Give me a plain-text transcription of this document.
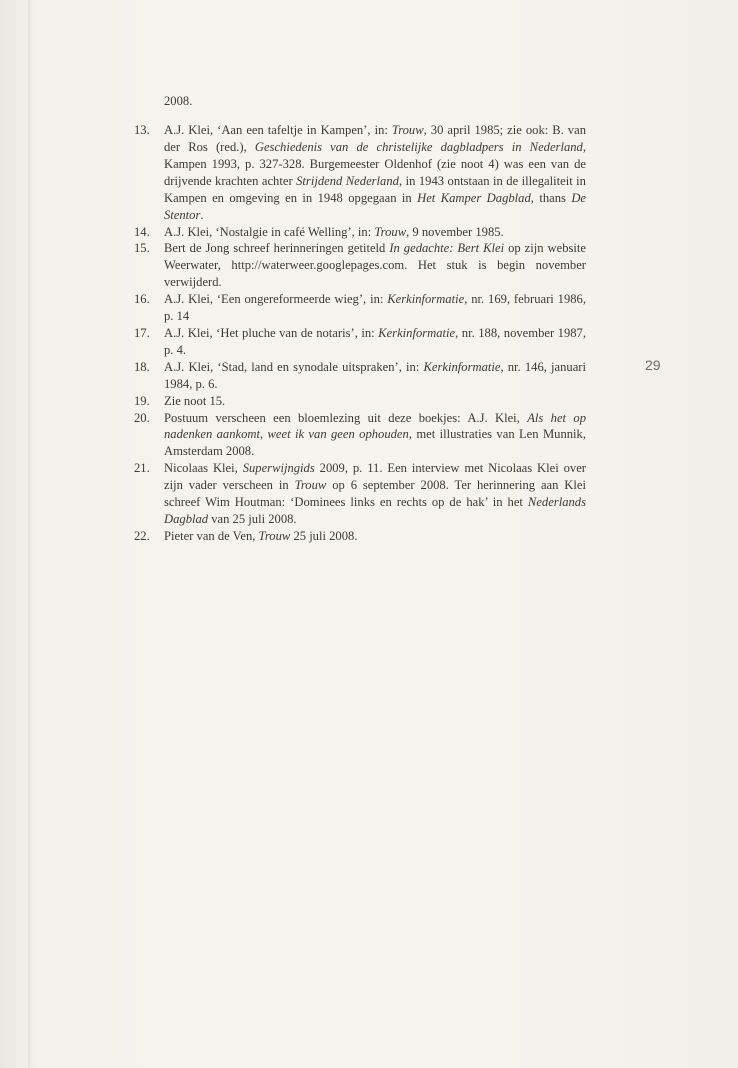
2008.

13.	A.J. Klei, ‘Aan een tafeltje in Kampen’, in: Trouw, 30 april 1985; zie ook: B. van der Ros (red.), Geschiedenis van de christelijke dagbladpers in Nederland, Kampen 1993, p. 327-328. Burgemeester Oldenhof (zie noot 4) was een van de drijvende krachten achter Strijdend Nederland, in 1943 ontstaan in de illegaliteit in Kampen en omgeving en in 1948 opgegaan in Het Kamper Dagblad, thans De Stentor.

14.	A.J. Klei, ‘Nostalgie in café Welling’, in: Trouw, 9 november 1985.

15.	Bert de Jong schreef herinneringen getiteld In gedachte: Bert Klei op zijn website Weerwater, http://waterweer.googlepages.com. Het stuk is begin november verwijderd.

16.	A.J. Klei, ‘Een ongereformeerde wieg’, in: Kerkinformatie, nr. 169, februari 1986, p. 14

17.	A.J. Klei, ‘Het pluche van de notaris’, in: Kerkinformatie, nr. 188, november 1987, p. 4.

18.	A.J. Klei, ‘Stad, land en synodale uitspraken’, in: Kerkinformatie, nr. 146, januari 1984, p. 6.

19.	Zie noot 15.

20.	Postuum verscheen een bloemlezing uit deze boekjes: A.J. Klei, Als het op nadenken aankomt, weet ik van geen ophouden, met illustraties van Len Munnik, Amsterdam 2008.

21.	Nicolaas Klei, Superwijngids 2009, p. 11. Een interview met Nicolaas Klei over zijn vader verscheen in Trouw op 6 september 2008. Ter herinnering aan Klei schreef Wim Houtman: ‘Dominees links en rechts op de hak’ in het Nederlands Dagblad van 25 juli 2008.

22.	Pieter van de Ven, Trouw 25 juli 2008.

29
